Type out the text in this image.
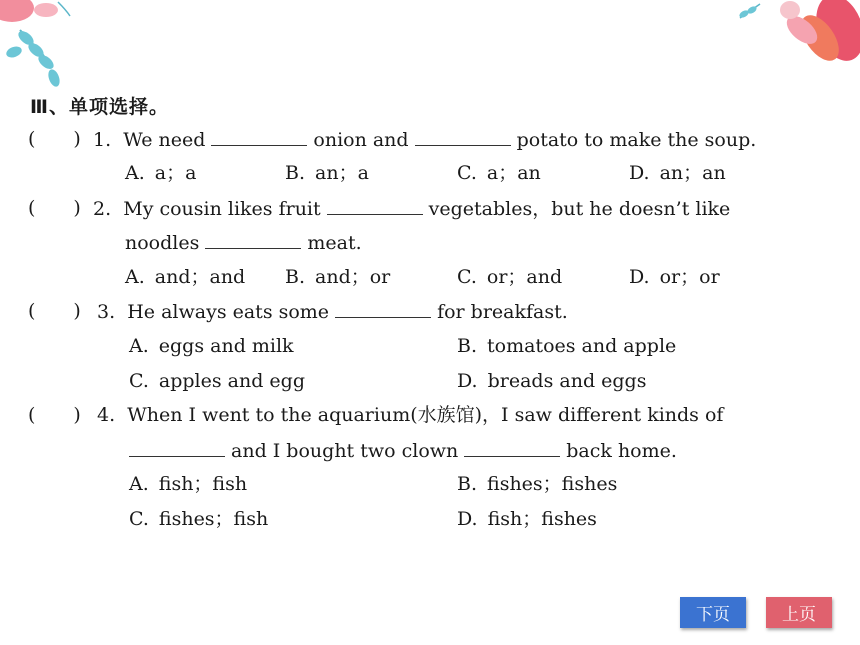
Ⅲ、单项选择。
(　　) 1. We need	onion and	potato to make the soup.
A. a；a	B. an；a	C. a；an	D. an；an
(　　) 2. My cousin likes fruit	vegetables，but he doesn’t like
noodles	meat.
A. and；and B. and；or	C. or；and	D. or；or
(　　) 3. He always eats some	for breakfast.
A. eggs and milk	B. tomatoes and apple
C. apples and egg	D. breads and eggs
(　　) 4. When I went to the aquarium(水族馆)，I saw different kinds of
and I bought two clown	back home.
A. fish；fish	B. fishes；fishes
C. fishes；fish	D. fish；fishes
下页	上页
